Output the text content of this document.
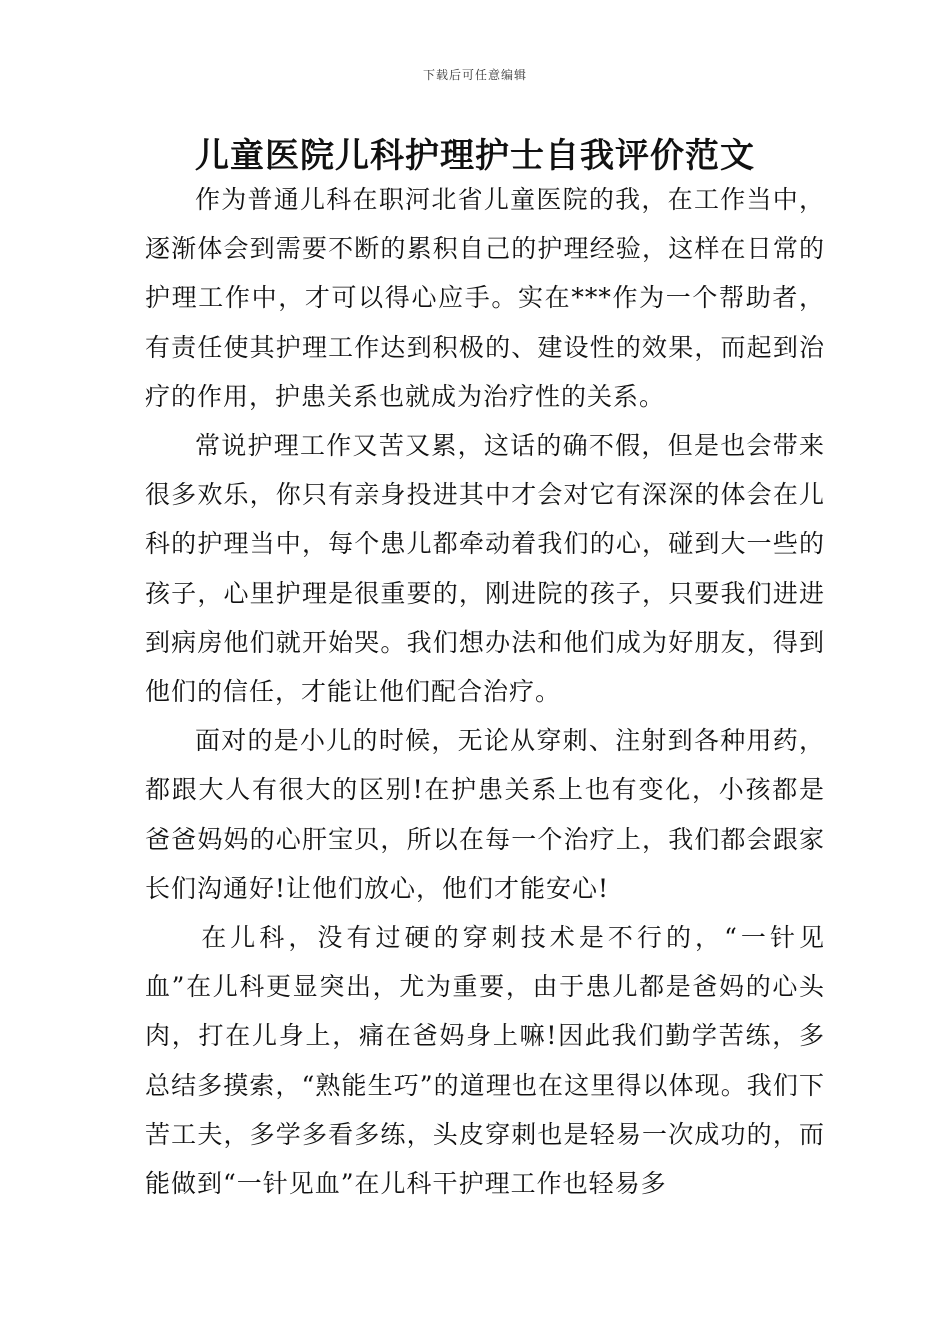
下载后可任意编辑
儿童医院儿科护理护士自我评价范文

作为普通儿科在职河北省儿童医院的我，在工作当中，逐渐体会到需要不断的累积自己的护理经验，这样在日常的护理工作中，才可以得心应手。实在***作为一个帮助者，有责任使其护理工作达到积极的、建设性的效果，而起到治疗的作用，护患关系也就成为治疗性的关系。

常说护理工作又苦又累，这话的确不假，但是也会带来很多欢乐，你只有亲身投进其中才会对它有深深的体会在儿科的护理当中，每个患儿都牵动着我们的心，碰到大一些的孩子，心里护理是很重要的，刚进院的孩子，只要我们进进到病房他们就开始哭。我们想办法和他们成为好朋友，得到他们的信任，才能让他们配合治疗。

面对的是小儿的时候，无论从穿刺、注射到各种用药，都跟大人有很大的区别!在护患关系上也有变化，小孩都是爸爸妈妈的心肝宝贝，所以在每一个治疗上，我们都会跟家长们沟通好!让他们放心，他们才能安心!

在儿科，没有过硬的穿刺技术是不行的，“一针见血”在儿科更显突出，尤为重要，由于患儿都是爸妈的心头肉，打在儿身上，痛在爸妈身上嘛!因此我们勤学苦练，多总结多摸索，“熟能生巧”的道理也在这里得以体现。我们下苦工夫，多学多看多练，头皮穿刺也是轻易一次成功的，而能做到“一针见血”在儿科干护理工作也轻易多
